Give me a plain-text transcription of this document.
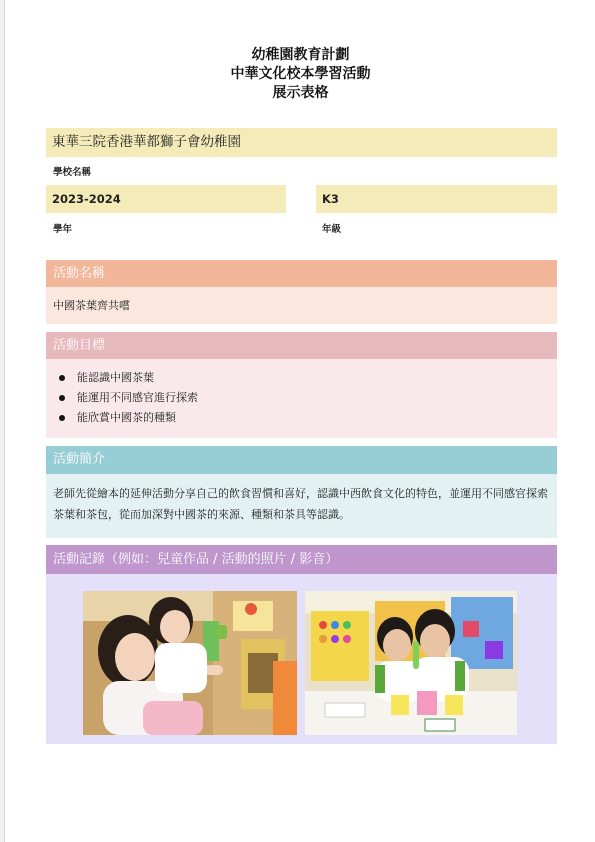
幼稚園教育計劃
中華文化校本學習活動
展示表格
東華三院香港華都獅子會幼稚園
學校名稱
2023-2024
學年
K3
年級
活動名稱
中國茶葉齊共嚐
活動目標
能認識中國茶葉
能運用不同感官進行探索
能欣賞中國茶的種類
活動簡介
老師先從繪本的延伸活動分享自己的飲食習慣和喜好，認識中西飲食文化的特色，並運用不同感官探索茶葉和茶包，從而加深對中國茶的來源、種類和茶具等認識。
活動記錄（例如：兒童作品 / 活動的照片 / 影音）
